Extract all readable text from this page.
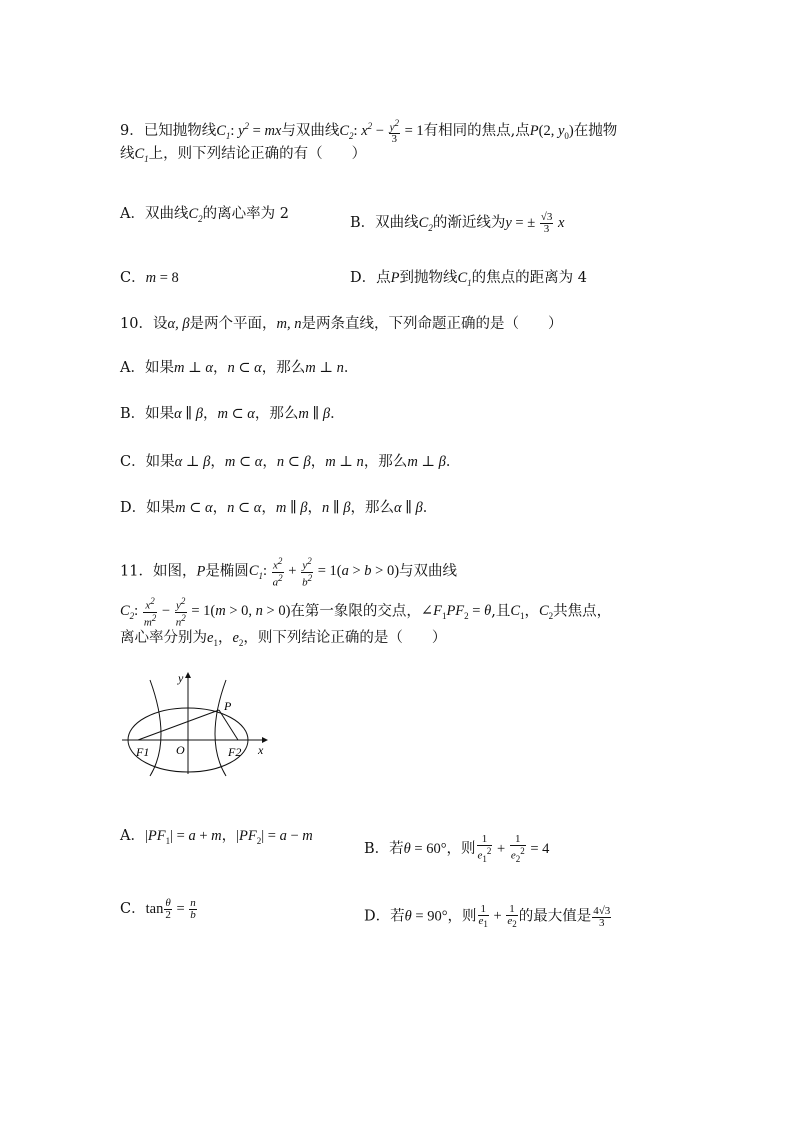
9．已知抛物线$C_1$: $y^2$ = mx与双曲线$C_2$: $x^2 - \frac{y^2}{3} = 1$有相同的焦点,点P(2, $y_0$)在抛物
线$C_1$上，则下列结论正确的有（　　）
A．双曲线$C_2$的离心率为 2
B．双曲线$C_2$的渐近线为y = ± $\frac{√3}{3}$ x
C．m = 8	D．点P到抛物线$C_1$的焦点的距离为 4
10．设α, β是两个平面，m, n是两条直线，下列命题正确的是（　　）
A．如果m ⊥ α，n ⊂ α，那么m ⊥ n．
B．如果α ∥ β，m ⊂ α，那么m ∥ β．
C．如果α ⊥ β，m ⊂ α，n ⊂ β，m ⊥ n，那么m ⊥ β．
D．如果m ⊂ α，n ⊂ α，m ∥ β，n ∥ β，那么α ∥ β．
11．如图，P是椭圆$C_1$: $\frac{x^2}{a^2} + \frac{y^2}{b^2} = 1(a > b > 0)$与双曲线
$C_2$: $\frac{x^2}{m^2} - \frac{y^2}{n^2} = 1(m > 0$, n > 0)在第一象限的交点，$\angle F_1PF_2 = \theta$,且$C_1$，$C_2$共焦点，
离心率分别为$e_1$，$e_2$，则下列结论正确的是（　　）
y
x
O
P
F1	F2
A．$|PF_1| = a + m$，$|PF_2| = a - m$
B．若θ = 60°，则 $\frac{1}{e_1^2} + \frac{1}{e_2^2} = 4$
C．$\tan \frac{\theta}{2} = \frac{n}{b}$	D．若θ = 90°，则 $\frac{1}{e_1} + \frac{1}{e_2}$ 的最大值是 $\frac{4√3}{3}$
